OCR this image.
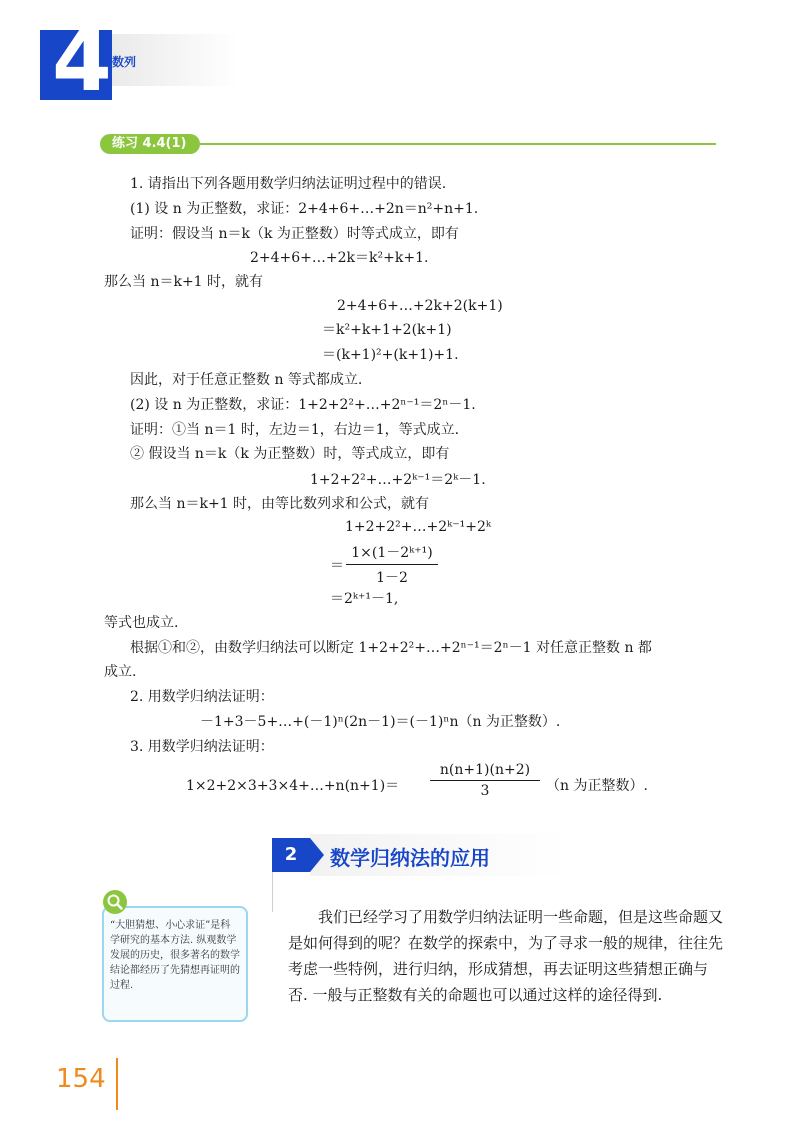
4 数列
练习 4.4(1)
1. 请指出下列各题用数学归纳法证明过程中的错误.
(1) 设 n 为正整数，求证：2+4+6+…+2n＝n²+n+1.
证明：假设当 n＝k（k 为正整数）时等式成立，即有
2+4+6+…+2k＝k²+k+1.
那么当 n＝k+1 时，就有
2+4+6+…+2k+2(k+1)
＝k²+k+1+2(k+1)
＝(k+1)²+(k+1)+1.
因此，对于任意正整数 n 等式都成立.
(2) 设 n 为正整数，求证：1+2+2²+…+2ⁿ⁻¹＝2ⁿ－1.
证明：①当 n＝1 时，左边＝1，右边＝1，等式成立.
② 假设当 n＝k（k 为正整数）时，等式成立，即有
1+2+2²+…+2ᵏ⁻¹＝2ᵏ－1.
那么当 n＝k+1 时，由等比数列求和公式，就有
1+2+2²+…+2ᵏ⁻¹+2ᵏ
＝
1×(1－2ᵏ⁺¹)
1－2
＝2ᵏ⁺¹－1,
等式也成立.
根据①和②，由数学归纳法可以断定 1+2+2²+…+2ⁿ⁻¹＝2ⁿ－1 对任意正整数 n 都
成立.
2. 用数学归纳法证明：
－1+3－5+…+(－1)ⁿ(2n－1)＝(－1)ⁿn（n 为正整数）.
3. 用数学归纳法证明：
1×2+2×3+3×4+…+n(n+1)＝
n(n+1)(n+2)
3	（n 为正整数）.
2	数学归纳法的应用
“大胆猜想、小心求证”是科学研究的基本方法. 纵观数学发展的历史，很多著名的数学结论都经历了先猜想再证明的过程.
我们已经学习了用数学归纳法证明一些命题，但是这些命题又是如何得到的呢？在数学的探索中，为了寻求一般的规律，往往先考虑一些特例，进行归纳，形成猜想，再去证明这些猜想正确与否. 一般与正整数有关的命题也可以通过这样的途径得到.
154
